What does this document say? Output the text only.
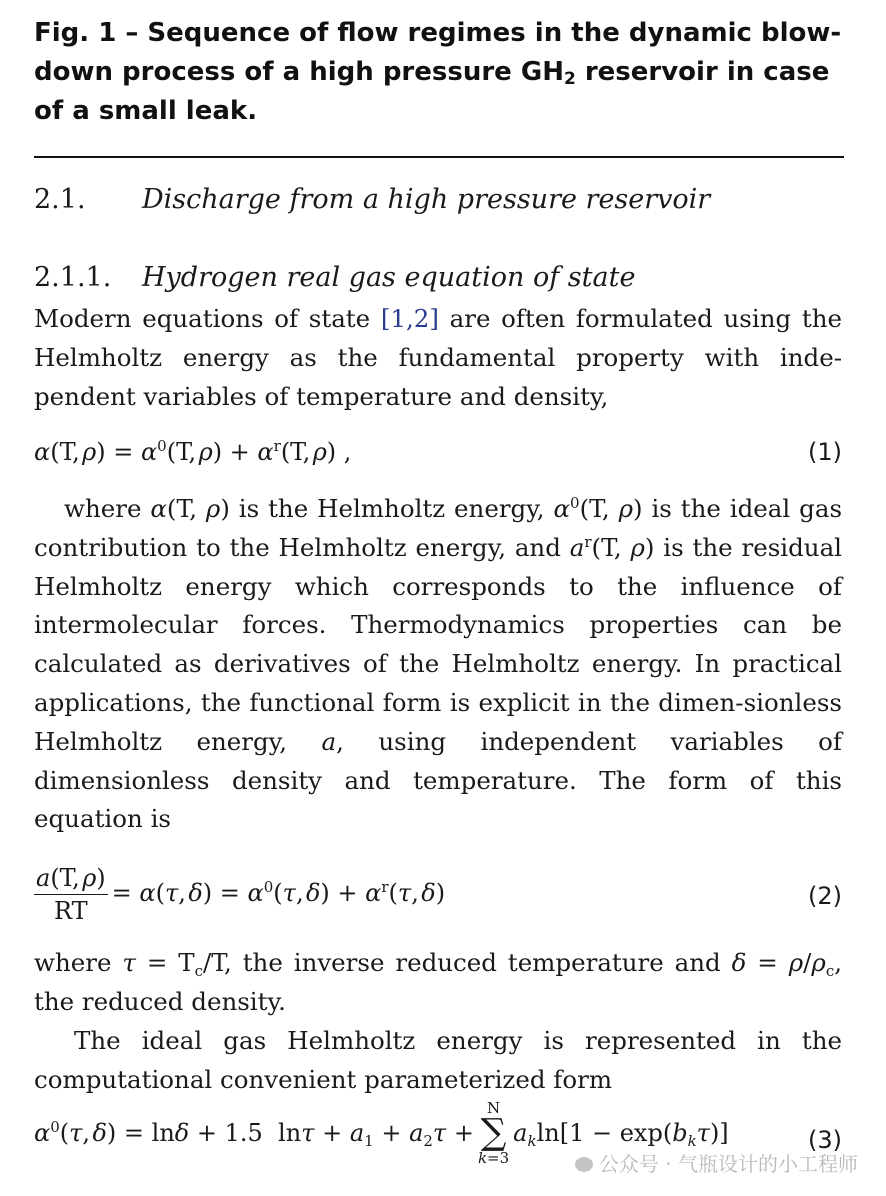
Fig. 1 – Sequence of flow regimes in the dynamic blow-down process of a high pressure $GH_2$ reservoir in case of a small leak.
2.1. Discharge from a high pressure reservoir
2.1.1. Hydrogen real gas equation of state
Modern equations of state [1,2] are often formulated using the Helmholtz energy as the fundamental property with inde-pendent variables of temperature and density,
α(T, $\rho) = \alpha^0(T$, $\rho) + \alpha^r(T$, ρ) ,	(1)
where α(T, ρ) is the Helmholtz energy, $\alpha^0(T$, ρ) is the ideal gas contribution to the Helmholtz energy, and $a^r(T$, ρ) is the residual Helmholtz energy which corresponds to the influence of intermolecular forces. Thermodynamics properties can be calculated as derivatives of the Helmholtz energy. In practical applications, the functional form is explicit in the dimen-sionless Helmholtz energy, a, using independent variables of dimensionless density and temperature. The form of this equation is
$\frac{a(T, \rho)}{RT} = \alpha(\tau$, $\delta) = \alpha^0(\tau$, $\delta) + \alpha^r(\tau$, δ)	(2)
where $\tau = T_c/T$, the inverse reduced temperature and $\delta = \rho/\rho_c$, the reduced density.
The ideal gas Helmholtz energy is represented in the computational convenient parameterized form
$\alpha^0(\tau$, δ) = lnδ + 1.5  $\ln\tau + a_1 + a_2\tau$ +
N
∑
k=3
$a_k\ln[1 - \exp(b_k\tau)]$	(3)
公众号 · 气瓶设计的小工程师
